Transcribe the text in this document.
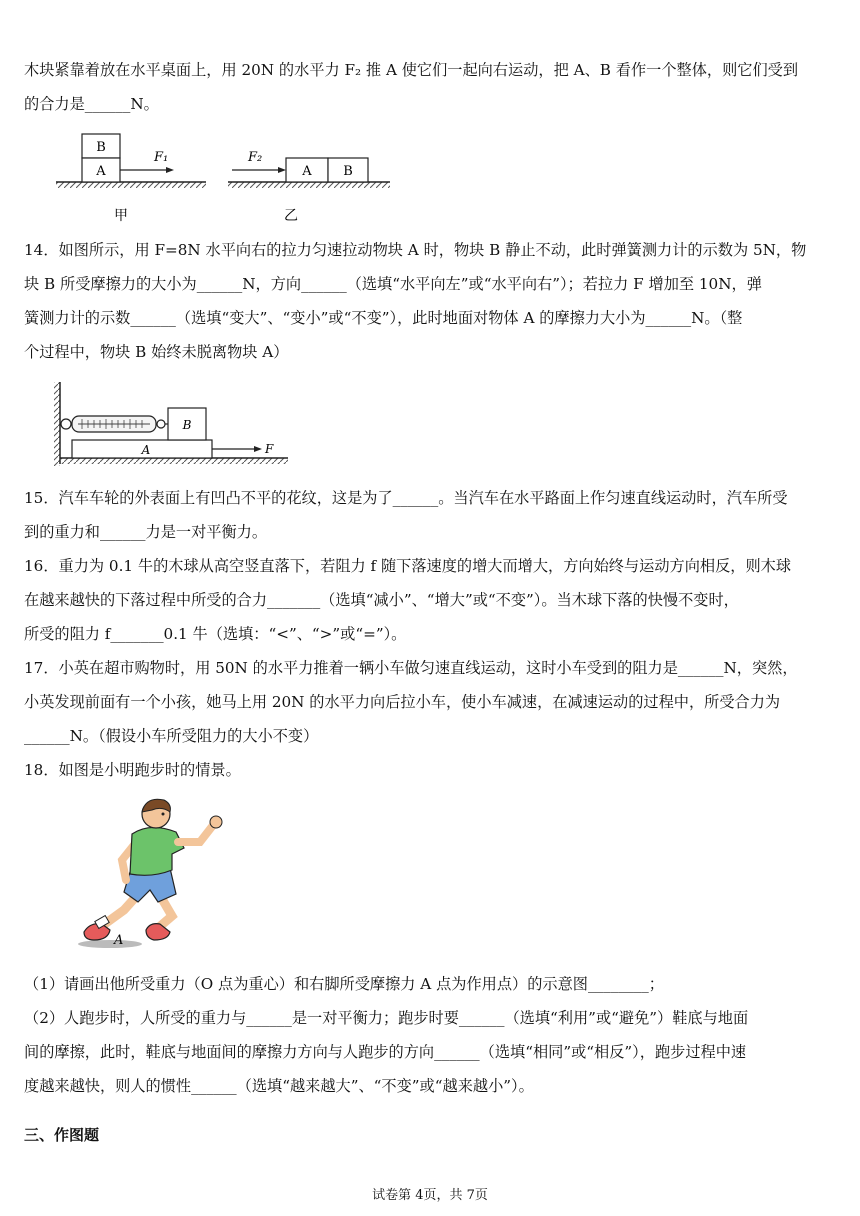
木块紧靠着放在水平桌面上，用 20N 的水平力 F₂ 推 A 使它们一起向右运动，把 A、B 看作一个整体，则它们受到
的合力是______N。
B
A
F₁
甲
F₂
A B
乙
14．如图所示，用 F=8N 水平向右的拉力匀速拉动物块 A 时，物块 B 静止不动，此时弹簧测力计的示数为 5N，物
块 B 所受摩擦力的大小为______N，方向______（选填“水平向左”或“水平向右”）；若拉力 F 增加至 10N，弹
簧测力计的示数______（选填“变大”、“变小”或“不变”），此时地面对物体 A 的摩擦力大小为______N。（整
个过程中，物块 B 始终未脱离物块 A）
A
B
F
15．汽车车轮的外表面上有凹凸不平的花纹，这是为了______。当汽车在水平路面上作匀速直线运动时，汽车所受
到的重力和______力是一对平衡力。
16．重力为 0.1 牛的木球从高空竖直落下，若阻力 f 随下落速度的增大而增大，方向始终与运动方向相反，则木球
在越来越快的下落过程中所受的合力_______（选填“减小”、“增大”或“不变”）。当木球下落的快慢不变时，
所受的阻力 f_______0.1 牛（选填：“<”、“>”或“=”）。
17．小英在超市购物时，用 50N 的水平力推着一辆小车做匀速直线运动，这时小车受到的阻力是______N，突然，
小英发现前面有一个小孩，她马上用 20N 的水平力向后拉小车，使小车减速，在减速运动的过程中，所受合力为
______N。（假设小车所受阻力的大小不变）
18．如图是小明跑步时的情景。
A
（1）请画出他所受重力（O 点为重心）和右脚所受摩擦力 A 点为作用点）的示意图________；
（2）人跑步时，人所受的重力与______是一对平衡力；跑步时要______（选填“利用”或“避免”）鞋底与地面
间的摩擦，此时，鞋底与地面间的摩擦力方向与人跑步的方向______（选填“相同”或“相反”），跑步过程中速
度越来越快，则人的惯性______（选填“越来越大”、“不变”或“越来越小”）。
三、作图题
试卷第 4页，共 7页
